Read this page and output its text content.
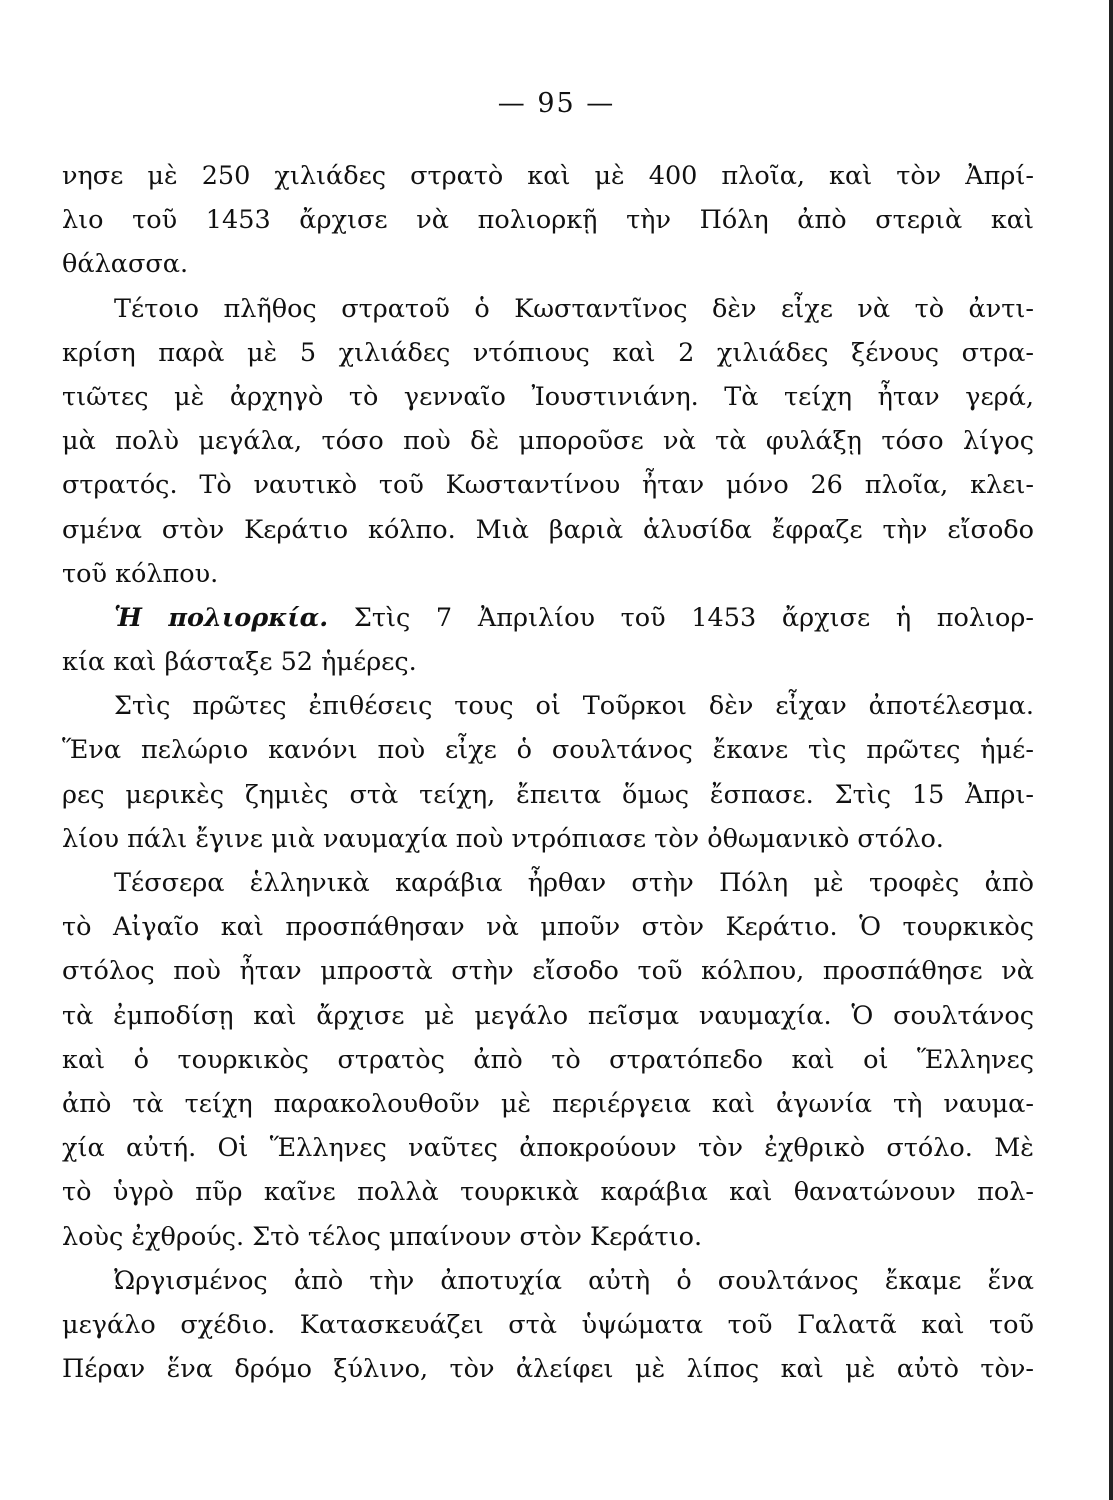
— 95 —
νησε μὲ 250 χιλιάδες στρατὸ καὶ μὲ 400 πλοῖα, καὶ τὸν Ἀπρί-
λιο τοῦ 1453 ἄρχισε νὰ πολιορκῇ τὴν Πόλη ἀπὸ στεριὰ καὶ
θάλασσα.
Τέτοιο πλῆθος στρατοῦ ὁ Κωσταντῖνος δὲν εἶχε νὰ τὸ ἀντι-
κρίση παρὰ μὲ 5 χιλιάδες ντόπιους καὶ 2 χιλιάδες ξένους στρα-
τιῶτες μὲ ἀρχηγὸ τὸ γενναῖο Ἰουστινιάνη. Τὰ τείχη ἦταν γερά,
μὰ πολὺ μεγάλα, τόσο ποὺ δὲ μποροῦσε νὰ τὰ φυλάξῃ τόσο λίγος
στρατός. Τὸ ναυτικὸ τοῦ Κωσταντίνου ἦταν μόνο 26 πλοῖα, κλει-
σμένα στὸν Κεράτιο κόλπο. Μιὰ βαριὰ ἁλυσίδα ἔφραζε τὴν εἴσοδο
τοῦ κόλπου.
Ἡ πολιορκία. Στὶς 7 Ἀπριλίου τοῦ 1453 ἄρχισε ἡ πολιορ-
κία καὶ βάσταξε 52 ἡμέρες.
Στὶς πρῶτες ἐπιθέσεις τους οἱ Τοῦρκοι δὲν εἶχαν ἀποτέλεσμα.
Ἕνα πελώριο κανόνι ποὺ εἶχε ὁ σουλτάνος ἔκανε τὶς πρῶτες ἡμέ-
ρες μερικὲς ζημιὲς στὰ τείχη, ἔπειτα ὅμως ἔσπασε. Στὶς 15 Ἀπρι-
λίου πάλι ἔγινε μιὰ ναυμαχία ποὺ ντρόπιασε τὸν ὀθωμανικὸ στόλο.
Τέσσερα ἑλληνικὰ καράβια ἦρθαν στὴν Πόλη μὲ τροφὲς ἀπὸ
τὸ Αἰγαῖο καὶ προσπάθησαν νὰ μποῦν στὸν Κεράτιο. Ὁ τουρκικὸς
στόλος ποὺ ἦταν μπροστὰ στὴν εἴσοδο τοῦ κόλπου, προσπάθησε νὰ
τὰ ἐμποδίσῃ καὶ ἄρχισε μὲ μεγάλο πεῖσμα ναυμαχία. Ὁ σουλτάνος
καὶ ὁ τουρκικὸς στρατὸς ἀπὸ τὸ στρατόπεδο καὶ οἱ Ἕλληνες
ἀπὸ τὰ τείχη παρακολουθοῦν μὲ περιέργεια καὶ ἀγωνία τὴ ναυμα-
χία αὐτή. Οἱ Ἕλληνες ναῦτες ἀποκρούουν τὸν ἐχθρικὸ στόλο. Μὲ
τὸ ὑγρὸ πῦρ καῖνε πολλὰ τουρκικὰ καράβια καὶ θανατώνουν πολ-
λοὺς ἐχθρούς. Στὸ τέλος μπαίνουν στὸν Κεράτιο.
Ὠργισμένος ἀπὸ τὴν ἀποτυχία αὐτὴ ὁ σουλτάνος ἔκαμε ἕνα
μεγάλο σχέδιο. Κατασκευάζει στὰ ὑψώματα τοῦ Γαλατᾶ καὶ τοῦ
Πέραν ἕνα δρόμο ξύλινο, τὸν ἀλείφει μὲ λίπος καὶ μὲ αὐτὸ τὸν-
